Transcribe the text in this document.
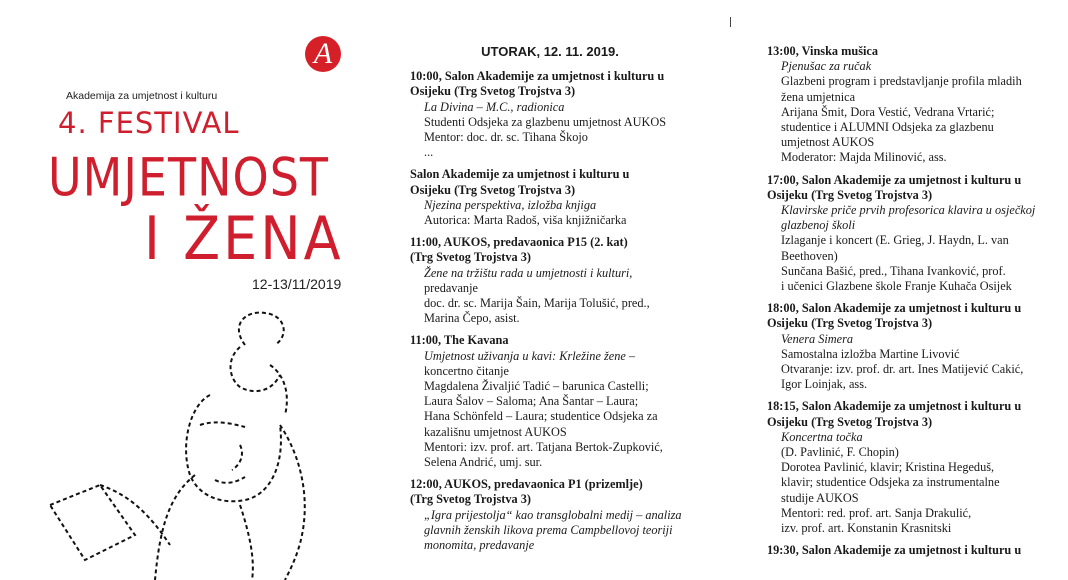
A
Akademija za umjetnost i kulturu
4. FESTIVAL
UMJETNOST
I ŽENA
12-13/11/2019
UTORAK, 12. 11. 2019.
10:00, Salon Akademije za umjetnost i kulturu u
Osijeku (Trg Svetog Trojstva 3)
La Divina – M.C., radionica
Studenti Odsjeka za glazbenu umjetnost AUKOS
Mentor: doc. dr. sc. Tihana Škojo
...
Salon Akademije za umjetnost i kulturu u
Osijeku (Trg Svetog Trojstva 3)
Njezina perspektiva, izložba knjiga
Autorica: Marta Radoš, viša knjižničarka
11:00, AUKOS, predavaonica P15 (2. kat)
(Trg Svetog Trojstva 3)
Žene na tržištu rada u umjetnosti i kulturi,
predavanje
doc. dr. sc. Marija Šain, Marija Tolušić, pred.,
Marina Čepo, asist.
11:00, The Kavana
Umjetnost uživanja u kavi: Krležine žene –
koncertno čitanje
Magdalena Živaljić Tadić – barunica Castelli;
Laura Šalov – Saloma; Ana Šantar – Laura;
Hana Schönfeld – Laura; studentice Odsjeka za
kazališnu umjetnost AUKOS
Mentori: izv. prof. art. Tatjana Bertok-Zupković,
Selena Andrić, umj. sur.
12:00, AUKOS, predavaonica P1 (prizemlje)
(Trg Svetog Trojstva 3)
„Igra prijestolja“ kao transglobalni medij – analiza
glavnih ženskih likova prema Campbellovoj teoriji
monomita, predavanje
13:00, Vinska mušica
Pjenušac za ručak
Glazbeni program i predstavljanje profila mladih
žena umjetnica
Arijana Šmit, Dora Vestić, Vedrana Vrtarić;
studentice i ALUMNI Odsjeka za glazbenu
umjetnost AUKOS
Moderator: Majda Milinović, ass.
17:00, Salon Akademije za umjetnost i kulturu u
Osijeku (Trg Svetog Trojstva 3)
Klavirske priče prvih profesorica klavira u osječkoj
glazbenoj školi
Izlaganje i koncert (E. Grieg, J. Haydn, L. van
Beethoven)
Sunčana Bašić, pred., Tihana Ivanković, prof.
i učenici Glazbene škole Franje Kuhača Osijek
18:00, Salon Akademije za umjetnost i kulturu u
Osijeku (Trg Svetog Trojstva 3)
Venera Simera
Samostalna izložba Martine Livović
Otvaranje: izv. prof. dr. art. Ines Matijević Cakić,
Igor Loinjak, ass.
18:15, Salon Akademije za umjetnost i kulturu u
Osijeku (Trg Svetog Trojstva 3)
Koncertna točka
(D. Pavlinić, F. Chopin)
Dorotea Pavlinić, klavir; Kristina Hegeduš,
klavir; studentice Odsjeka za instrumentalne
studije AUKOS
Mentori: red. prof. art. Sanja Drakulić,
izv. prof. art. Konstanin Krasnitski
19:30, Salon Akademije za umjetnost i kulturu u
